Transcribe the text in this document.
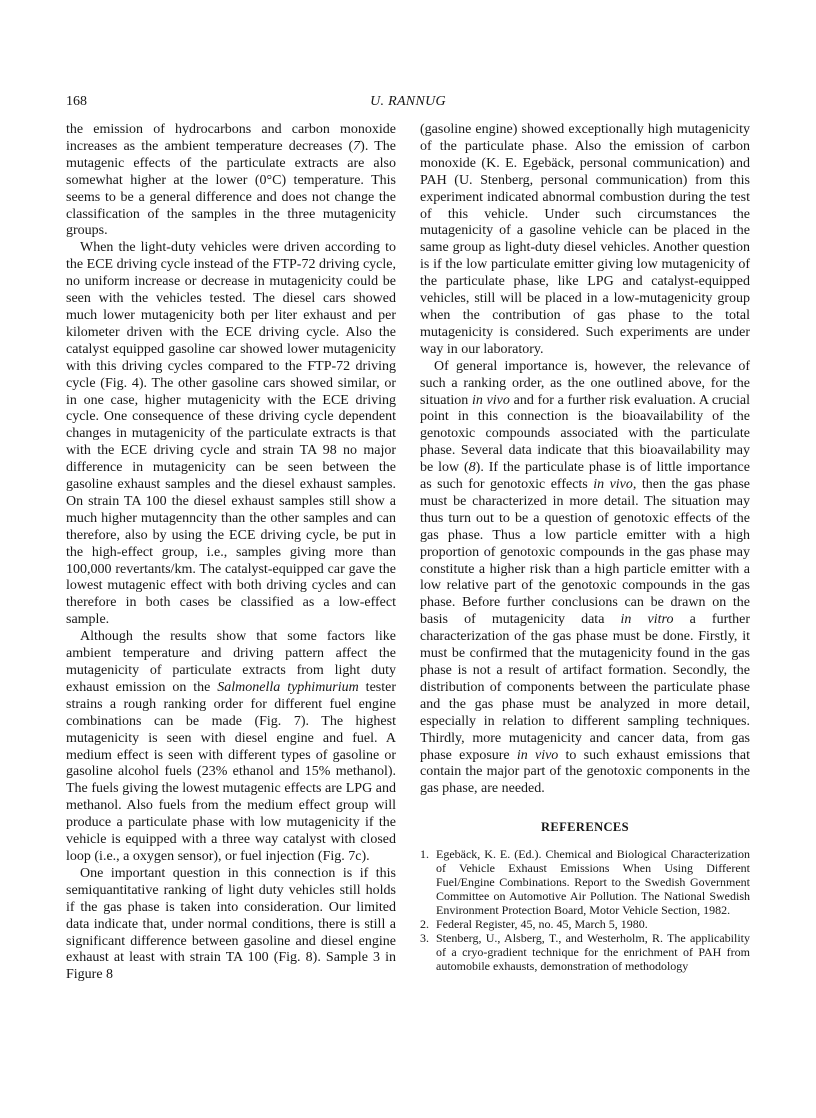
168	U. RANNUG

the emission of hydrocarbons and carbon monoxide increases as the ambient temperature decreases (7). The mutagenic effects of the particulate extracts are also somewhat higher at the lower (0°C) temperature. This seems to be a general difference and does not change the classification of the samples in the three mutagenicity groups.

When the light-duty vehicles were driven according to the ECE driving cycle instead of the FTP-72 driving cycle, no uniform increase or decrease in mutagenicity could be seen with the vehicles tested. The diesel cars showed much lower mutagenicity both per liter exhaust and per kilometer driven with the ECE driving cycle. Also the catalyst equipped gasoline car showed lower mutagenicity with this driving cycles compared to the FTP-72 driving cycle (Fig. 4). The other gasoline cars showed similar, or in one case, higher mutagenicity with the ECE driving cycle. One consequence of these driving cycle dependent changes in mutagenicity of the particulate extracts is that with the ECE driving cycle and strain TA 98 no major difference in mutagenicity can be seen between the gasoline exhaust samples and the diesel exhaust samples. On strain TA 100 the diesel exhaust samples still show a much higher mutagenncity than the other samples and can therefore, also by using the ECE driving cycle, be put in the high-effect group, i.e., samples giving more than 100,000 revertants/km. The catalyst-equipped car gave the lowest mutagenic effect with both driving cycles and can therefore in both cases be classified as a low-effect sample.

Although the results show that some factors like ambient temperature and driving pattern affect the mutagenicity of particulate extracts from light duty exhaust emission on the Salmonella typhimurium tester strains a rough ranking order for different fuel engine combinations can be made (Fig. 7). The highest mutagenicity is seen with diesel engine and fuel. A medium effect is seen with different types of gasoline or gasoline alcohol fuels (23% ethanol and 15% methanol). The fuels giving the lowest mutagenic effects are LPG and methanol. Also fuels from the medium effect group will produce a particulate phase with low mutagenicity if the vehicle is equipped with a three way catalyst with closed loop (i.e., a oxygen sensor), or fuel injection (Fig. 7c).

One important question in this connection is if this semiquantitative ranking of light duty vehicles still holds if the gas phase is taken into consideration. Our limited data indicate that, under normal conditions, there is still a significant difference between gasoline and diesel engine exhaust at least with strain TA 100 (Fig. 8). Sample 3 in Figure 8

(gasoline engine) showed exceptionally high mutagenicity of the particulate phase. Also the emission of carbon monoxide (K. E. Egebäck, personal communication) and PAH (U. Stenberg, personal communication) from this experiment indicated abnormal combustion during the test of this vehicle. Under such circumstances the mutagenicity of a gasoline vehicle can be placed in the same group as light-duty diesel vehicles. Another question is if the low particulate emitter giving low mutagenicity of the particulate phase, like LPG and catalyst-equipped vehicles, still will be placed in a low-mutagenicity group when the contribution of gas phase to the total mutagenicity is considered. Such experiments are under way in our laboratory.

Of general importance is, however, the relevance of such a ranking order, as the one outlined above, for the situation in vivo and for a further risk evaluation. A crucial point in this connection is the bioavailability of the genotoxic compounds associated with the particulate phase. Several data indicate that this bioavailability may be low (8). If the particulate phase is of little importance as such for genotoxic effects in vivo, then the gas phase must be characterized in more detail. The situation may thus turn out to be a question of genotoxic effects of the gas phase. Thus a low particle emitter with a high proportion of genotoxic compounds in the gas phase may constitute a higher risk than a high particle emitter with a low relative part of the genotoxic compounds in the gas phase. Before further conclusions can be drawn on the basis of mutagenicity data in vitro a further characterization of the gas phase must be done. Firstly, it must be confirmed that the mutagenicity found in the gas phase is not a result of artifact formation. Secondly, the distribution of components between the particulate phase and the gas phase must be analyzed in more detail, especially in relation to different sampling techniques. Thirdly, more mutagenicity and cancer data, from gas phase exposure in vivo to such exhaust emissions that contain the major part of the genotoxic components in the gas phase, are needed.

REFERENCES
1. Egebäck, K. E. (Ed.). Chemical and Biological Characterization of Vehicle Exhaust Emissions When Using Different Fuel/Engine Combinations. Report to the Swedish Government Committee on Automotive Air Pollution. The National Swedish Environment Protection Board, Motor Vehicle Section, 1982.
2. Federal Register, 45, no. 45, March 5, 1980.
3. Stenberg, U., Alsberg, T., and Westerholm, R. The applicability of a cryo-gradient technique for the enrichment of PAH from automobile exhausts, demonstration of methodology
